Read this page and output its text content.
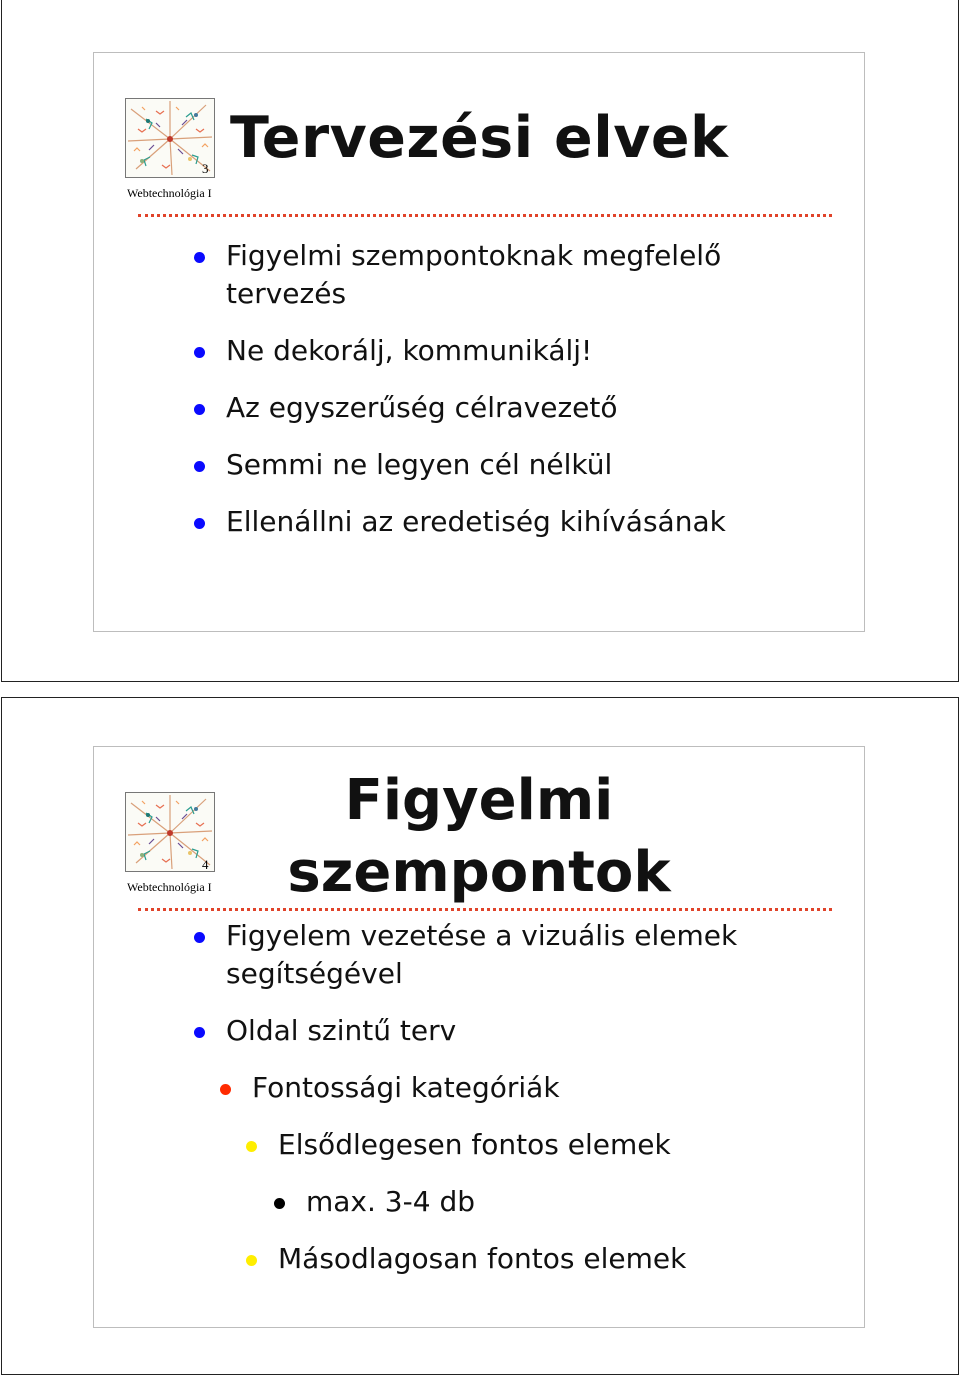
3
Webtechnológia I
Tervezési elvek
Figyelmi szempontoknak megfelelő tervezés
Ne dekorálj, kommunikálj!
Az egyszerűség célravezető
Semmi ne legyen cél nélkül
Ellenállni az eredetiség kihívásának
4
Webtechnológia I
Figyelmi szempontok
Figyelem vezetése a vizuális elemek segítségével
Oldal szintű terv
Fontossági kategóriák
Elsődlegesen fontos elemek
max. 3-4 db
Másodlagosan fontos elemek
